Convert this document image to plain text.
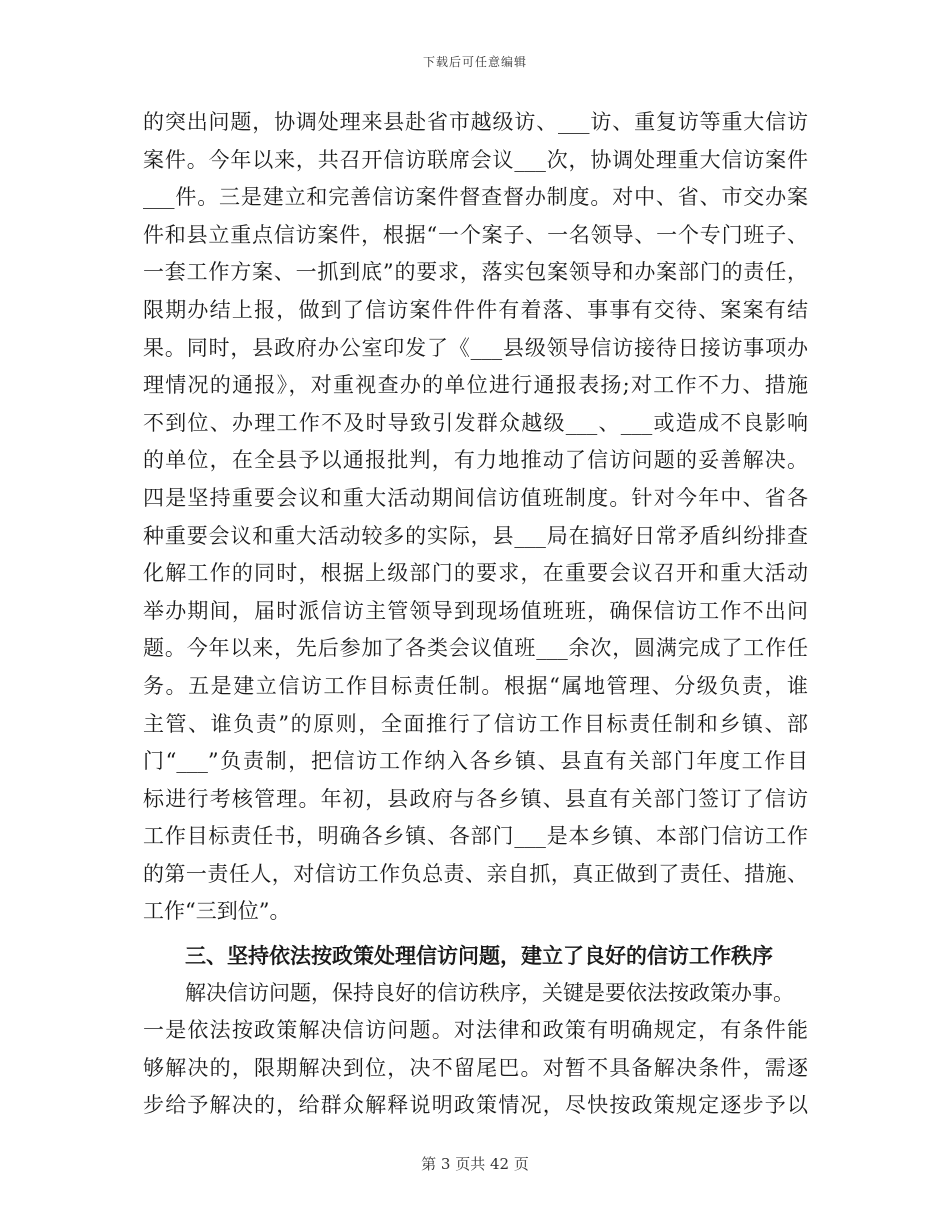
下载后可任意编辑
的突出问题，协调处理来县赴省市越级访、___访、重复访等重大信访
案件。今年以来，共召开信访联席会议___次，协调处理重大信访案件
___件。三是建立和完善信访案件督查督办制度。对中、省、市交办案
件和县立重点信访案件，根据“一个案子、一名领导、一个专门班子、
一套工作方案、一抓到底”的要求，落实包案领导和办案部门的责任，
限期办结上报，做到了信访案件件件有着落、事事有交待、案案有结
果。同时，县政府办公室印发了《___县级领导信访接待日接访事项办
理情况的通报》，对重视查办的单位进行通报表扬;对工作不力、措施
不到位、办理工作不及时导致引发群众越级___、___或造成不良影响
的单位，在全县予以通报批判，有力地推动了信访问题的妥善解决。
四是坚持重要会议和重大活动期间信访值班制度。针对今年中、省各
种重要会议和重大活动较多的实际，县___局在搞好日常矛盾纠纷排查
化解工作的同时，根据上级部门的要求，在重要会议召开和重大活动
举办期间，届时派信访主管领导到现场值班班，确保信访工作不出问
题。今年以来，先后参加了各类会议值班___余次，圆满完成了工作任
务。五是建立信访工作目标责任制。根据“属地管理、分级负责，谁
主管、谁负责”的原则，全面推行了信访工作目标责任制和乡镇、部
门“___”负责制，把信访工作纳入各乡镇、县直有关部门年度工作目
标进行考核管理。年初，县政府与各乡镇、县直有关部门签订了信访
工作目标责任书，明确各乡镇、各部门___是本乡镇、本部门信访工作
的第一责任人，对信访工作负总责、亲自抓，真正做到了责任、措施、
工作“三到位”。
三、坚持依法按政策处理信访问题，建立了良好的信访工作秩序
解决信访问题，保持良好的信访秩序，关键是要依法按政策办事。
一是依法按政策解决信访问题。对法律和政策有明确规定，有条件能
够解决的，限期解决到位，决不留尾巴。对暂不具备解决条件，需逐
步给予解决的，给群众解释说明政策情况，尽快按政策规定逐步予以
第 3 页共 42 页
